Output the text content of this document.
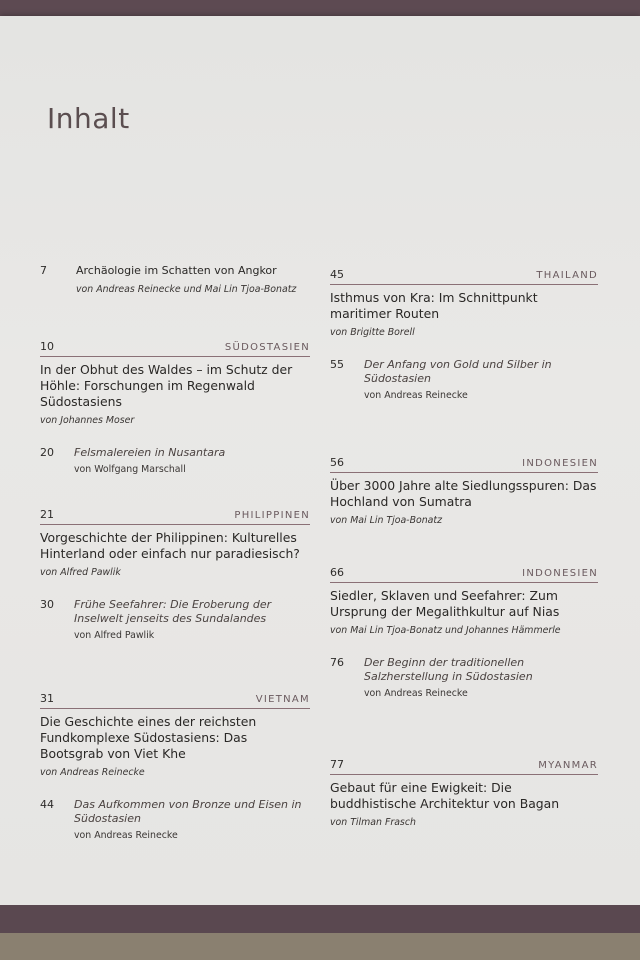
Inhalt
7	Archäologie im Schatten von Angkor
von Andreas Reinecke und Mai Lin Tjoa-Bonatz
10	SÜDOSTASIEN
In der Obhut des Waldes – im Schutz der Höhle: Forschungen im Regenwald Südostasiens
von Johannes Moser
20	Felsmalereien in Nusantara
von Wolfgang Marschall
21	PHILIPPINEN
Vorgeschichte der Philippinen: Kulturelles Hinterland oder einfach nur paradiesisch?
von Alfred Pawlik
30	Frühe Seefahrer: Die Eroberung der Inselwelt jenseits des Sundalandes
von Alfred Pawlik
31	VIETNAM
Die Geschichte eines der reichsten Fundkomplexe Südostasiens: Das Bootsgrab von Viet Khe
von Andreas Reinecke
44	Das Aufkommen von Bronze und Eisen in Südostasien
von Andreas Reinecke
45	THAILAND
Isthmus von Kra: Im Schnittpunkt maritimer Routen
von Brigitte Borell
55	Der Anfang von Gold und Silber in Südostasien
von Andreas Reinecke
56	INDONESIEN
Über 3000 Jahre alte Siedlungsspuren: Das Hochland von Sumatra
von Mai Lin Tjoa-Bonatz
66	INDONESIEN
Siedler, Sklaven und Seefahrer: Zum Ursprung der Megalithkultur auf Nias
von Mai Lin Tjoa-Bonatz und Johannes Hämmerle
76	Der Beginn der traditionellen Salzherstellung in Südostasien
von Andreas Reinecke
77	MYANMAR
Gebaut für eine Ewigkeit: Die buddhistische Architektur von Bagan
von Tilman Frasch
